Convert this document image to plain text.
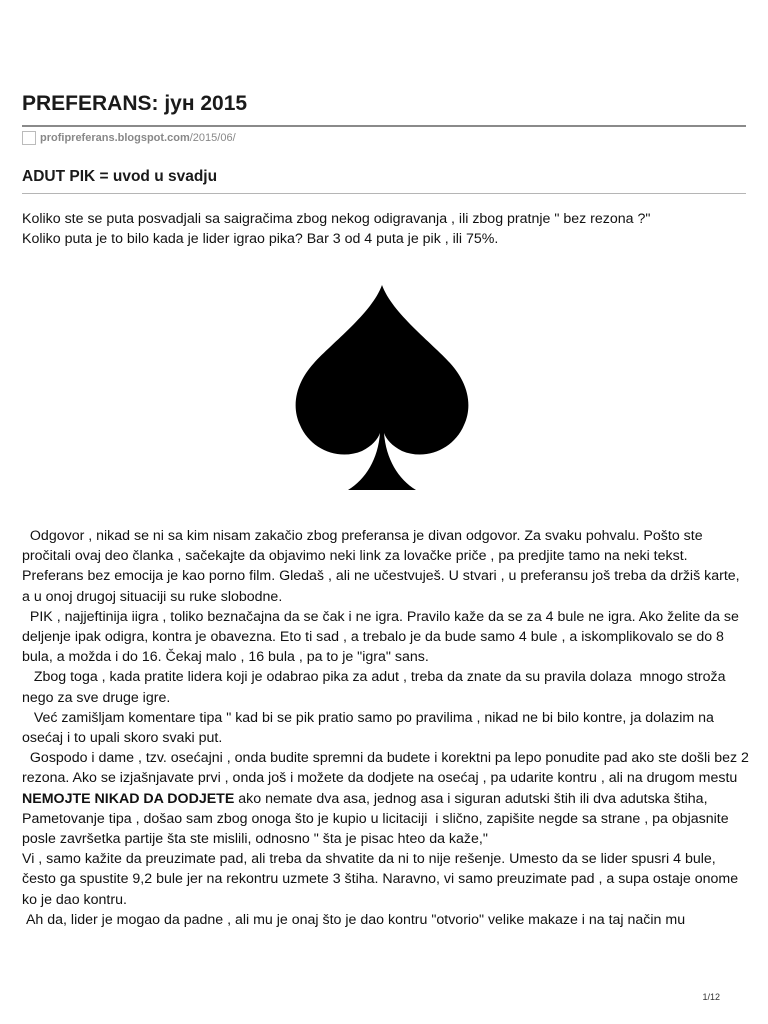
PREFERANS: јун 2015
profipreferans.blogspot.com /2015/06/
ADUT PIK = uvod u svadju

Koliko ste se puta posvadjali sa saigračima zbog nekog odigravanja , ili zbog pratnje " bez rezona ?"
Koliko puta je to bilo kada je lider igrao pika? Bar 3 od 4 puta je pik , ili 75%.

Odgovor , nikad se ni sa kim nisam zakačio zbog preferansa je divan odgovor. Za svaku pohvalu. Pošto ste pročitali ovaj deo članka , sačekajte da objavimo neki link za lovačke priče , pa predjite tamo na neki tekst. Preferans bez emocija je kao porno film. Gledaš , ali ne učestvuješ. U stvari , u preferansu još treba da držiš karte, a u onoj drugoj situaciji su ruke slobodne.

PIK , najjeftinija iigra , toliko beznačajna da se čak i ne igra. Pravilo kaže da se za 4 bule ne igra. Ako želite da se deljenje ipak odigra, kontra je obavezna. Eto ti sad , a trebalo je da bude samo 4 bule , a iskomplikovalo se do 8 bula, a možda i do 16. Čekaj malo , 16 bula , pa to je "igra" sans.

Zbog toga , kada pratite lidera koji je odabrao pika za adut , treba da znate da su pravila dolaza  mnogo stroža nego za sve druge igre.

Već zamišljam komentare tipa " kad bi se pik pratio samo po pravilima , nikad ne bi bilo kontre, ja dolazim na osećaj i to upali skoro svaki put.

Gospodo i dame , tzv. osećajni , onda budite spremni da budete i korektni pa lepo ponudite pad ako ste došli bez 2 rezona. Ako se izjašnjavate prvi , onda još i možete da dodjete na osećaj , pa udarite kontru , ali na drugom mestu NEMOJTE NIKAD DA DODJETE ako nemate dva asa, jednog asa i siguran adutski štih ili dva adutska štiha, Pametovanje tipa , došao sam zbog onoga što je kupio u licitaciji  i slično, zapišite negde sa strane , pa objasnite posle završetka partije šta ste mislili, odnosno " šta je pisac hteo da kaže,"

Vi , samo kažite da preuzimate pad, ali treba da shvatite da ni to nije rešenje. Umesto da se lider spusri 4 bule, često ga spustite 9,2 bule jer na rekontru uzmete 3 štiha. Naravno, vi samo preuzimate pad , a supa ostaje onome ko je dao kontru.

Ah da, lider je mogao da padne , ali mu je onaj što je dao kontru "otvorio" velike makaze i na taj način mu

1/12
